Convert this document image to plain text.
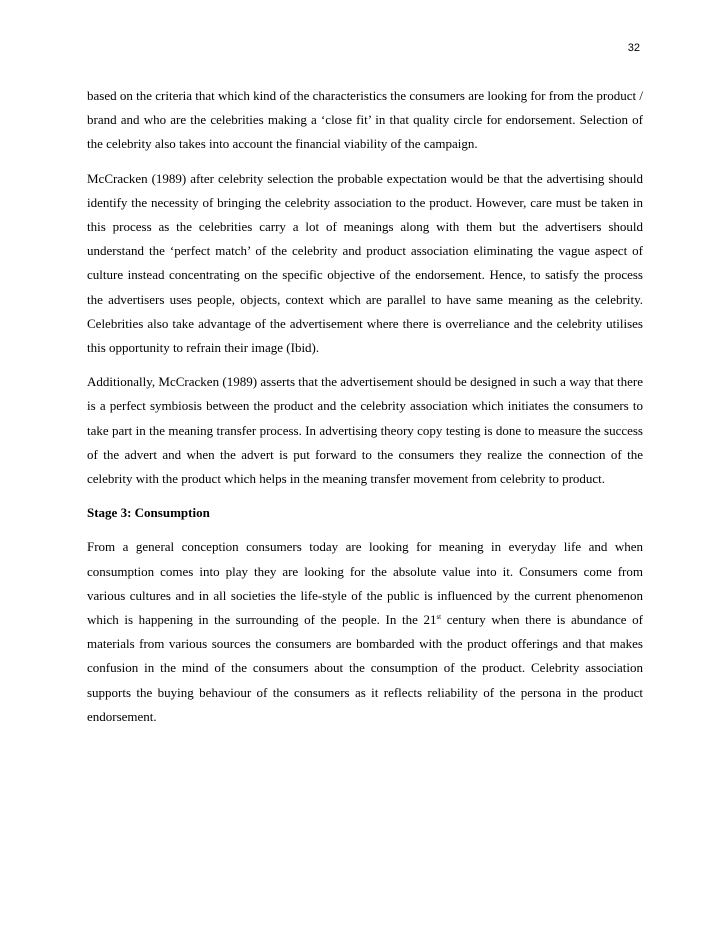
32

based on the criteria that which kind of the characteristics the consumers are looking for from the product / brand and who are the celebrities making a ‘close fit’ in that quality circle for endorsement. Selection of the celebrity also takes into account the financial viability of the campaign.

McCracken (1989) after celebrity selection the probable expectation would be that the advertising should identify the necessity of bringing the celebrity association to the product. However, care must be taken in this process as the celebrities carry a lot of meanings along with them but the advertisers should understand the ‘perfect match’ of the celebrity and product association eliminating the vague aspect of culture instead concentrating on the specific objective of the endorsement. Hence, to satisfy the process the advertisers uses people, objects, context which are parallel to have same meaning as the celebrity. Celebrities also take advantage of the advertisement where there is overreliance and the celebrity utilises this opportunity to refrain their image (Ibid).

Additionally, McCracken (1989) asserts that the advertisement should be designed in such a way that there is a perfect symbiosis between the product and the celebrity association which initiates the consumers to take part in the meaning transfer process. In advertising theory copy testing is done to measure the success of the advert and when the advert is put forward to the consumers they realize the connection of the celebrity with the product which helps in the meaning transfer movement from celebrity to product.

Stage 3: Consumption

From a general conception consumers today are looking for meaning in everyday life and when consumption comes into play they are looking for the absolute value into it. Consumers come from various cultures and in all societies the life-style of the public is influenced by the current phenomenon which is happening in the surrounding of the people. In the 21st century when there is abundance of materials from various sources the consumers are bombarded with the product offerings and that makes confusion in the mind of the consumers about the consumption of the product. Celebrity association supports the buying behaviour of the consumers as it reflects reliability of the persona in the product endorsement.
